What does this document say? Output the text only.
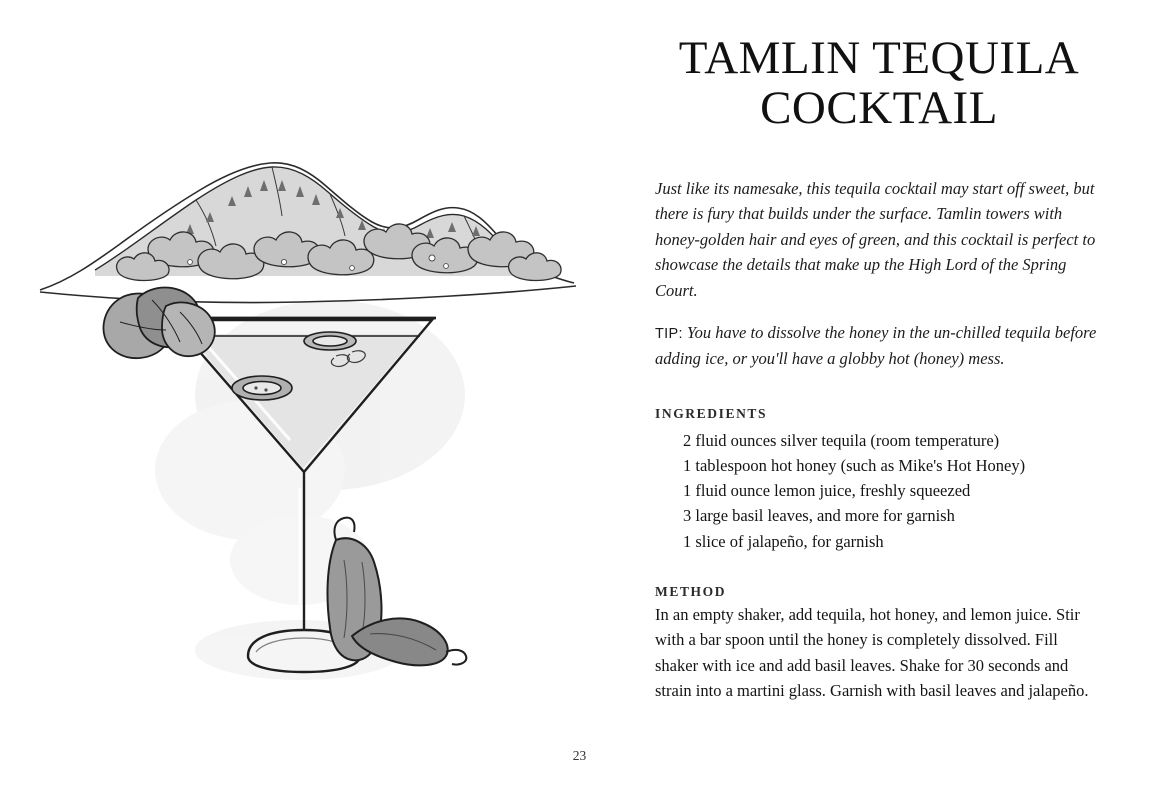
TAMLIN TEQUILA
COCKTAIL

Just like its namesake, this tequila cocktail may start off sweet, but there is fury that builds under the surface. Tamlin towers with honey-golden hair and eyes of green, and this cocktail is perfect to showcase the details that make up the High Lord of the Spring Court.

TIP: You have to dissolve the honey in the un-chilled tequila before adding ice, or you'll have a globby hot (honey) mess.

INGREDIENTS
2 fluid ounces silver tequila (room temperature)
1 tablespoon hot honey (such as Mike's Hot Honey)
1 fluid ounce lemon juice, freshly squeezed
3 large basil leaves, and more for garnish
1 slice of jalapeño, for garnish
METHOD

In an empty shaker, add tequila, hot honey, and lemon juice. Stir with a bar spoon until the honey is completely dissolved. Fill shaker with ice and add basil leaves. Shake for 30 seconds and strain into a martini glass. Garnish with basil leaves and jalapeño.

23
